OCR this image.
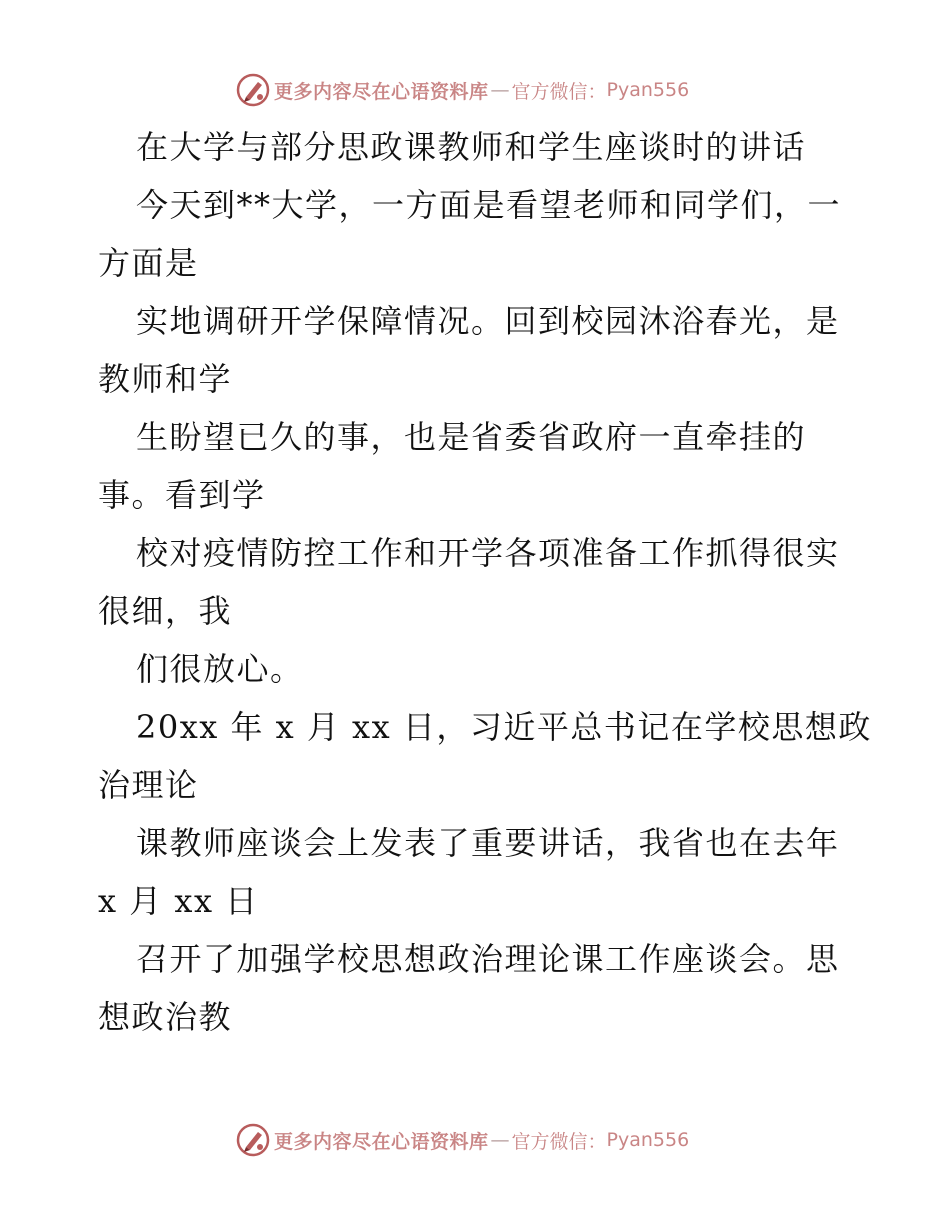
更多内容尽在心语资料库 — 官方微信： Pyan556
在大学与部分思政课教师和学生座谈时的讲话
今天到**大学，一方面是看望老师和同学们，一
方面是
实地调研开学保障情况。回到校园沐浴春光，是
教师和学
生盼望已久的事，也是省委省政府一直牵挂的
事。看到学
校对疫情防控工作和开学各项准备工作抓得很实
很细，我
们很放心。
20xx 年 x 月 xx 日，习近平总书记在学校思想政
治理论
课教师座谈会上发表了重要讲话，我省也在去年
x 月 xx 日
召开了加强学校思想政治理论课工作座谈会。思
想政治教
更多内容尽在心语资料库 — 官方微信： Pyan556
